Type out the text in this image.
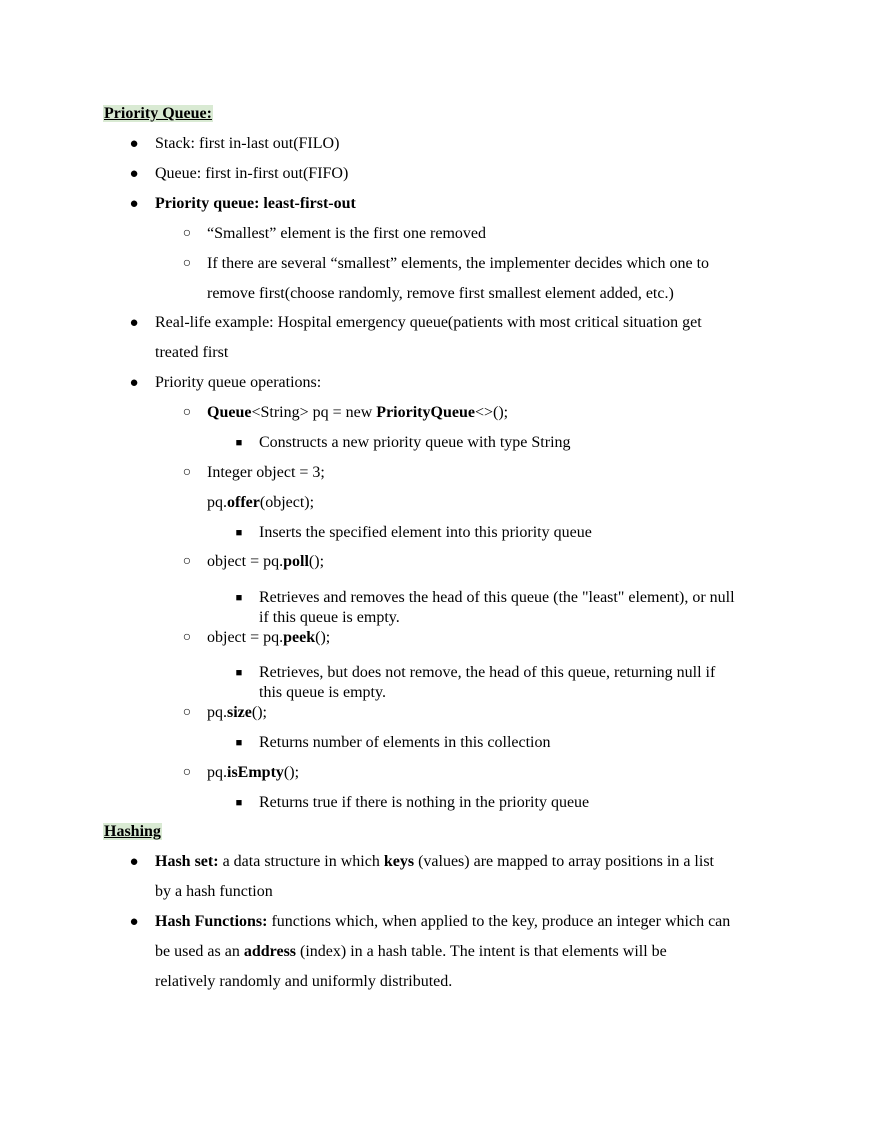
Priority Queue:
● Stack: first in-last out(FILO)
● Queue: first in-first out(FIFO)
● Priority queue: least-first-out
○ “Smallest” element is the first one removed
○ If there are several “smallest” elements, the implementer decides which one to
remove first(choose randomly, remove first smallest element added, etc.)
● Real-life example: Hospital emergency queue(patients with most critical situation get
treated first
● Priority queue operations:
○ Queue<String> pq = new PriorityQueue<>();
■ Constructs a new priority queue with type String
○ Integer object = 3;
pq.offer(object);
■ Inserts the specified element into this priority queue
○ object = pq.poll();
■ Retrieves and removes the head of this queue (the "least" element), or null
if this queue is empty.
○ object = pq.peek();
■ Retrieves, but does not remove, the head of this queue, returning null if
this queue is empty.
○ pq.size();
■ Returns number of elements in this collection
○ pq.isEmpty();
■ Returns true if there is nothing in the priority queue
Hashing
● Hash set: a data structure in which keys (values) are mapped to array positions in a list
by a hash function
● Hash Functions: functions which, when applied to the key, produce an integer which can
be used as an address (index) in a hash table. The intent is that elements will be
relatively randomly and uniformly distributed.
